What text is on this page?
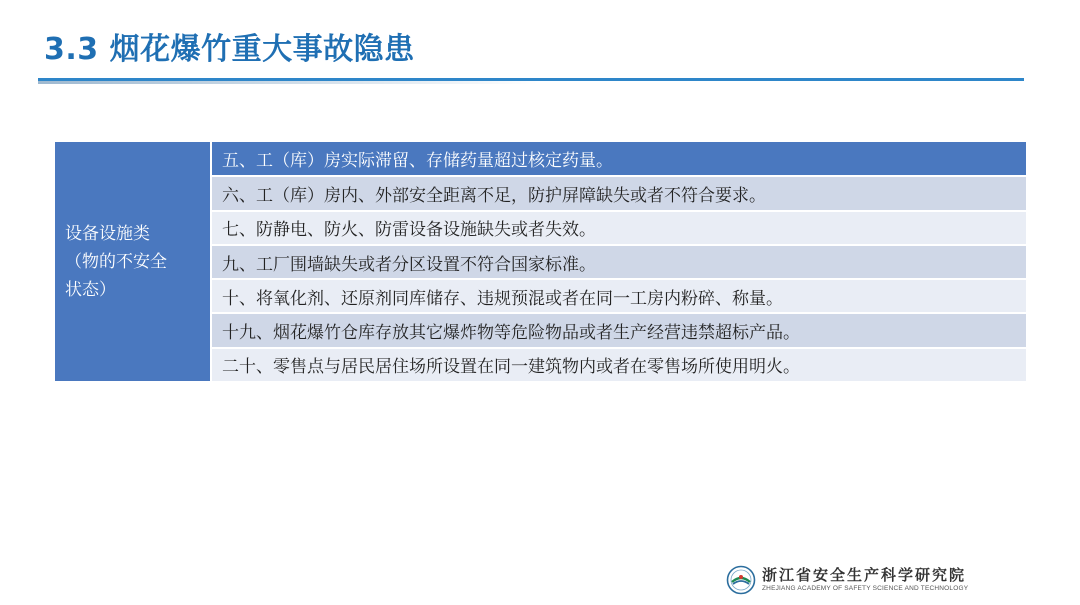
3.3 烟花爆竹重大事故隐患
设备设施类
（物的不安全
状态）
	五、工（库）房实际滞留、存储药量超过核定药量。
六、工（库）房内、外部安全距离不足，防护屏障缺失或者不符合要求。
七、防静电、防火、防雷设备设施缺失或者失效。
九、工厂围墙缺失或者分区设置不符合国家标准。
十、将氧化剂、还原剂同库储存、违规预混或者在同一工房内粉碎、称量。
十九、烟花爆竹仓库存放其它爆炸物等危险物品或者生产经营违禁超标产品。
二十、零售点与居民居住场所设置在同一建筑物内或者在零售场所使用明火。
浙江省安全生产科学研究院
ZHEJIANG ACADEMY OF SAFETY SCIENCE AND TECHNOLOGY
